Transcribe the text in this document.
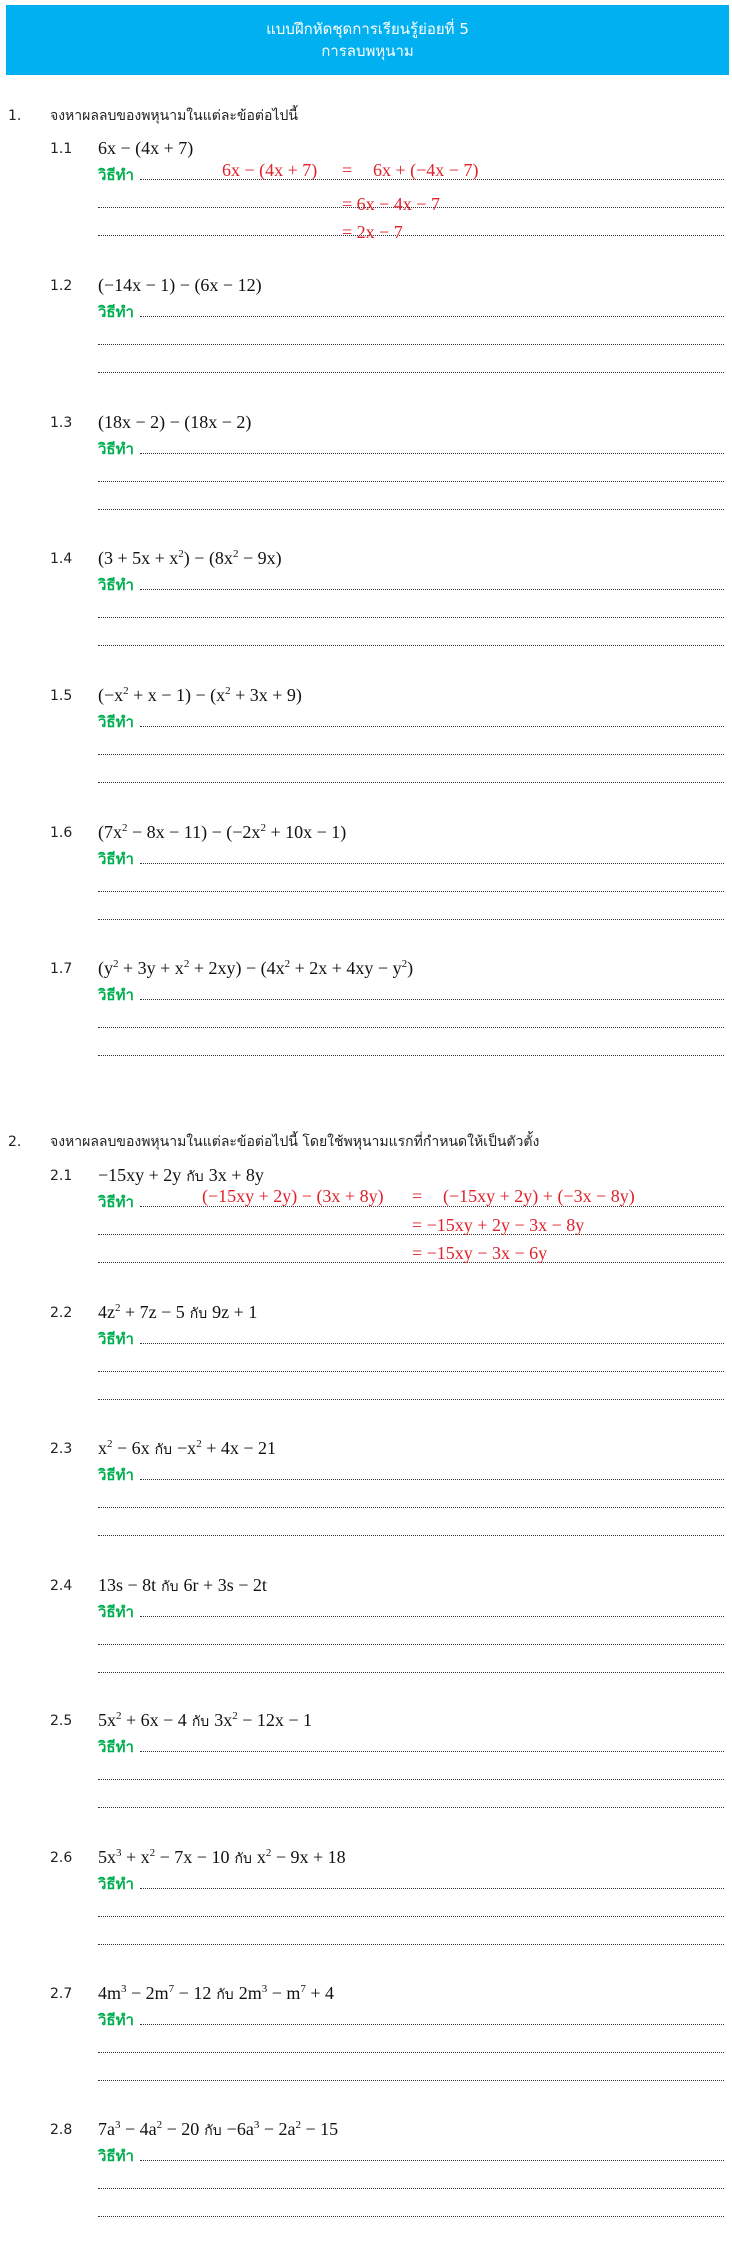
แบบฝึกหัดชุดการเรียนรู้ย่อยที่ 5
การลบพหุนาม
1. จงหาผลลบของพหุนามในแต่ละข้อต่อไปนี้
1.1 6x − (4x + 7)
วิธีทำ
1.2 (−14x − 1) − (6x − 12)
วิธีทำ
1.3 (18x − 2) − (18x − 2)
วิธีทำ
1.4 $(3 + 5x + x^2) - (8x^2 - 9x)$
วิธีทำ
1.5 $(-x^2 + x - 1) - (x^2 + 3x + 9)$
วิธีทำ
1.6 $(7x^2 - 8x - 11) - (-2x^2 + 10x - 1)$
วิธีทำ
1.7 $(y^2 + 3y + x^2 + 2xy) - (4x^2 + 2x + 4xy - y^2)$
วิธีทำ
6x − (4x + 7) = 6x + (−4x − 7)
= 6x − 4x − 7
= 2x − 7
2. จงหาผลลบของพหุนามในแต่ละข้อต่อไปนี้ โดยใช้พหุนามแรกที่กำหนดให้เป็นตัวตั้ง
2.1 −15xy + 2y กับ 3x + 8y
วิธีทำ
2.2 $4z^2 + 7z - 5$ กับ 9z + 1
วิธีทำ
2.3 $x^2 - 6x$ กับ $-x^2 + 4x - 21$
วิธีทำ
2.4 13s − 8t กับ 6r + 3s − 2t
วิธีทำ
2.5 $5x^2 + 6x - 4$ กับ $3x^2 - 12x - 1$
วิธีทำ
2.6 $5x^3 + x^2 - 7x - 10$ กับ $x^2 - 9x + 18$
วิธีทำ
2.7 $4m^3 - 2m^7 - 12$ กับ $2m^3 - m^7 + 4$
วิธีทำ
2.8 $7a^3 - 4a^2 - 20$ กับ $-6a^3 - 2a^2 - 15$
วิธีทำ
(−15xy + 2y) − (3x + 8y) = (−15xy + 2y) + (−3x − 8y)
= −15xy + 2y − 3x − 8y
= −15xy − 3x − 6y
